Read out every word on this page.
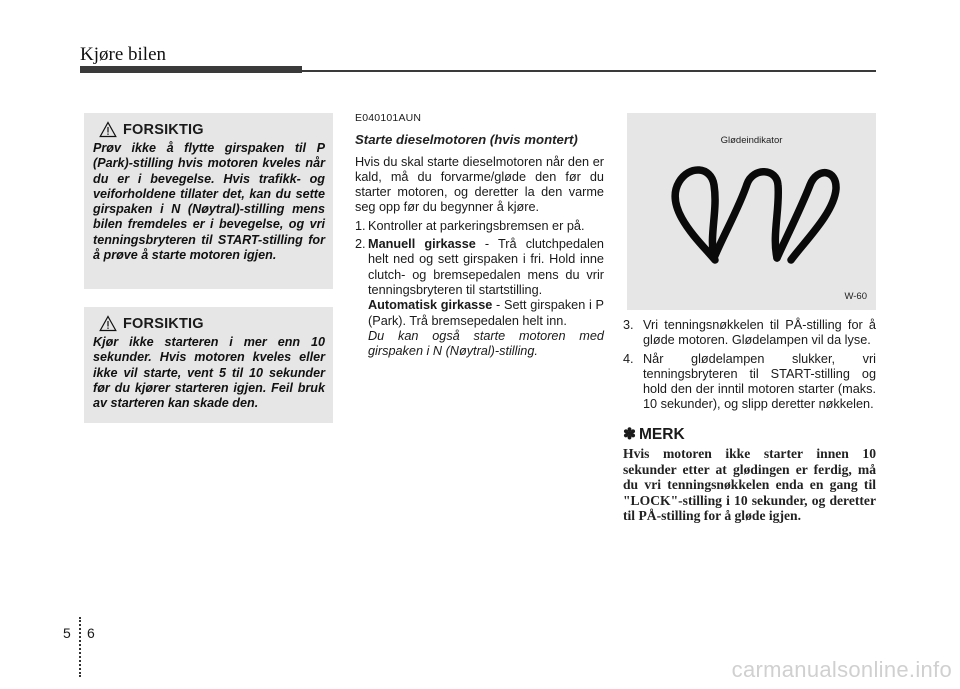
Kjøre bilen
FORSIKTIG
Prøv ikke å flytte girspaken til P (Park)-stilling hvis motoren kveles når du er i bevegelse. Hvis trafikk- og veiforholdene tillater det, kan du sette girspaken i N (Nøytral)-stilling mens bilen fremdeles er i bevegelse, og vri tenningsbryteren til START-stilling for å prøve å starte motoren igjen.
FORSIKTIG
Kjør ikke starteren i mer enn 10 sekunder. Hvis motoren kveles eller ikke vil starte, vent 5 til 10 sekunder før du kjører starteren igjen. Feil bruk av starteren kan skade den.
E040101AUN
Starte dieselmotoren (hvis montert)
Hvis du skal starte dieselmotoren når den er kald, må du forvarme/gløde den før du starter motoren, og deretter la den varme seg opp før du begynner å kjøre.
1. Kontroller at parkeringsbremsen er på.
2. Manuell girkasse - Trå clutchpedalen helt ned og sett girspaken i fri. Hold inne clutch- og bremsepedalen mens du vrir tenningsbryteren til startstilling.
Automatisk girkasse - Sett girspaken i P (Park). Trå bremsepedalen helt inn.
Du kan også starte motoren med girspaken i N (Nøytral)-stilling.
Glødeindikator
W-60
3. Vri tenningsnøkkelen til PÅ-stilling for å gløde motoren. Glødelampen vil da lyse.
4. Når glødelampen slukker, vri tenningsbryteren til START-stilling og hold den der inntil motoren starter (maks. 10 sekunder), og slipp deretter nøkkelen.
✽ MERK
Hvis motoren ikke starter innen 10 sekunder etter at glødingen er ferdig, må du vri tenningsnøkkelen enda en gang til "LOCK"-stilling i 10 sekunder, og deretter til PÅ-stilling for å gløde igjen.
5 6
carmanualsonline.info
